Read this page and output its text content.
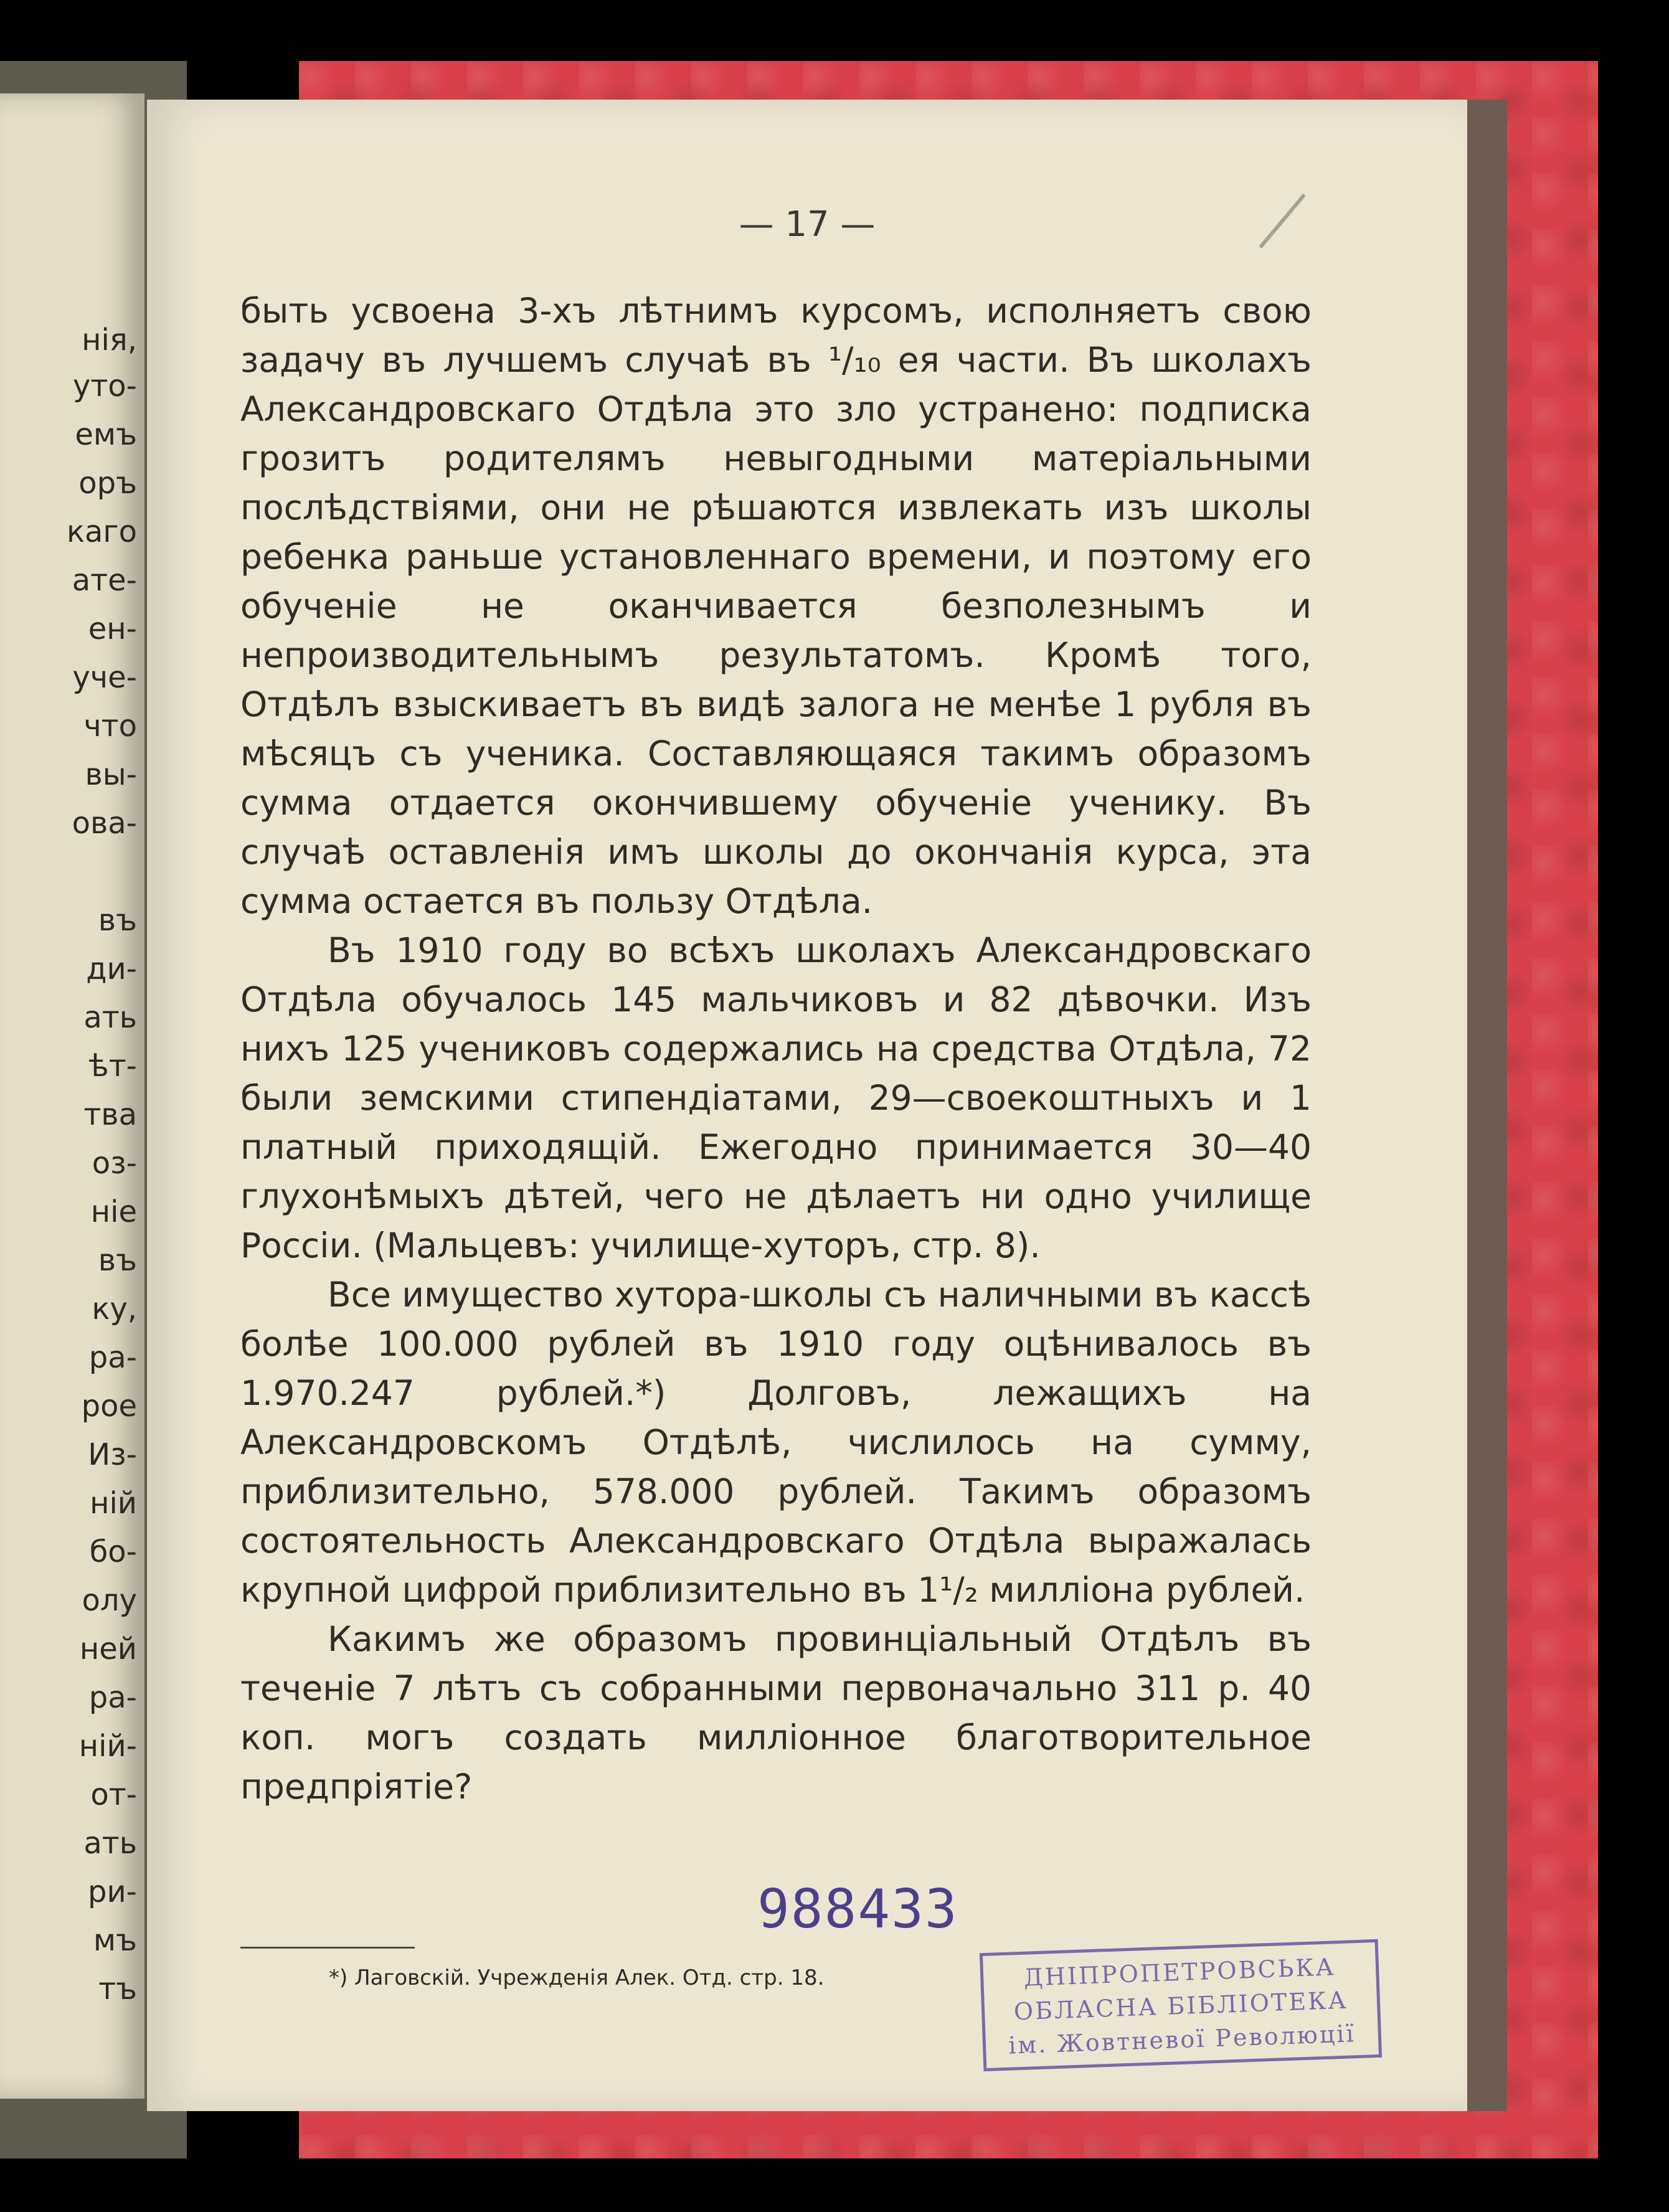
нія,
уто-
емъ
оръ
каго
ате-
ен-
уче-
что
вы-
ова-
въ
ди-
ать
ѣт-
тва
оз-
ніе
въ
ку,
ра-
рое
Из-
ній
бо-
олу
ней
ра-
ній-
от-
ать
ри-
мъ
тъ
— 17 —

быть усвоена 3-хъ лѣтнимъ курсомъ, исполняетъ свою задачу въ лучшемъ случаѣ въ ¹/₁₀ ея части. Въ школахъ Александровскаго Отдѣла это зло устранено: подписка грозитъ родителямъ невыгодными матеріальными послѣдствіями, они не рѣшаются извлекать изъ школы ребенка раньше установленнаго времени, и поэтому его обученіе не оканчивается безполезнымъ и непроизводительнымъ результатомъ. Кромѣ того, Отдѣлъ взыскиваетъ въ видѣ залога не менѣе 1 рубля въ мѣсяцъ съ ученика. Составляющаяся такимъ образомъ сумма отдается окончившему обученіе ученику. Въ случаѣ оставленія имъ школы до окончанія курса, эта сумма остается въ пользу Отдѣла.

Въ 1910 году во всѣхъ школахъ Александровскаго Отдѣла обучалось 145 мальчиковъ и 82 дѣвочки. Изъ нихъ 125 учениковъ содержались на средства Отдѣла, 72 были земскими стипендіатами, 29—своекоштныхъ и 1 платный приходящій. Ежегодно принимается 30—40 глухонѣмыхъ дѣтей, чего не дѣлаетъ ни одно училище Россіи. (Мальцевъ: училище-хуторъ, стр. 8).

Все имущество хутора-школы съ наличными въ кассѣ болѣе 100.000 рублей въ 1910 году оцѣнивалось въ 1.970.247 рублей.*) Долговъ, лежащихъ на Александровскомъ Отдѣлѣ, числилось на сумму, приблизительно, 578.000 рублей. Такимъ образомъ состоятельность Александровскаго Отдѣла выражалась крупной цифрой приблизительно въ 1¹/₂ милліона рублей.

Какимъ же образомъ провинціальный Отдѣлъ въ теченіе 7 лѣтъ съ собранными первоначально 311 р. 40 коп. могъ создать милліонное благотворительное предпріятіе?

988433
*) Лаговскій. Учрежденія Алек. Отд. стр. 18.	ДНІПРОПЕТРОВСЬКА
ОБЛАСНА БІБЛІОТЕКА
ім. Жовтневої Революції
